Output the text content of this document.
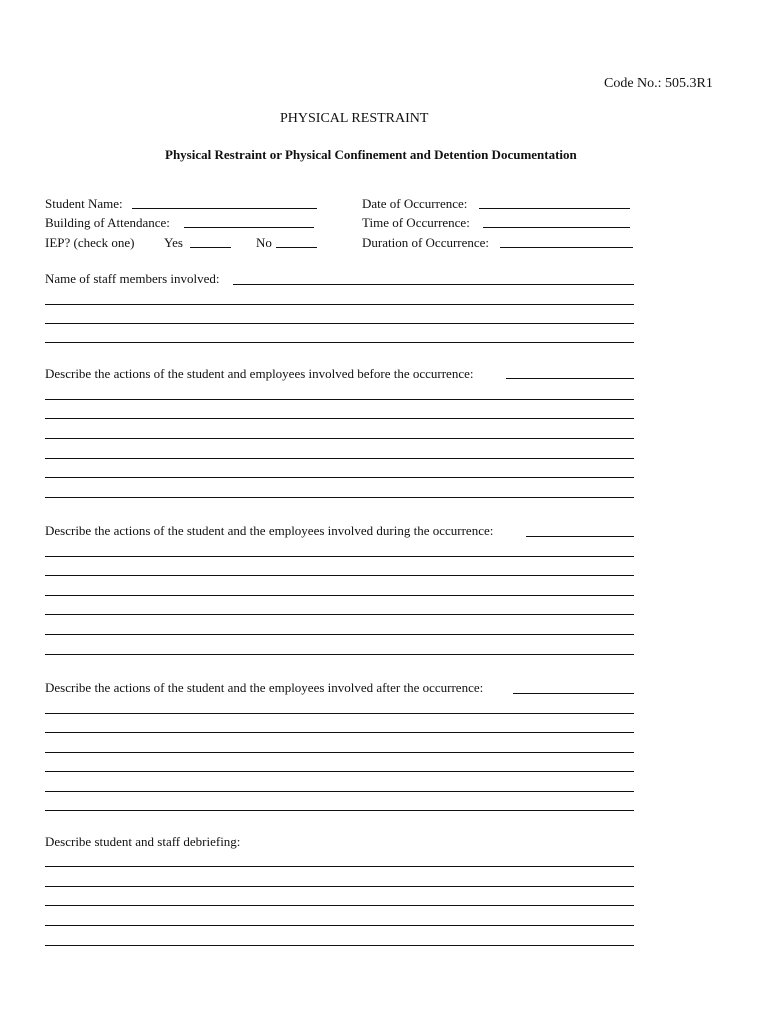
Code No.: 505.3R1
PHYSICAL RESTRAINT
Physical Restraint or Physical Confinement and Detention Documentation
Student Name:
Building of Attendance:
IEP? (check one) Yes	No
Date of Occurrence:
Time of Occurrence:
Duration of Occurrence:
Name of staff members involved:
Describe the actions of the student and employees involved before the occurrence:
Describe the actions of the student and the employees involved during the occurrence:
Describe the actions of the student and the employees involved after the occurrence:
Describe student and staff debriefing:
